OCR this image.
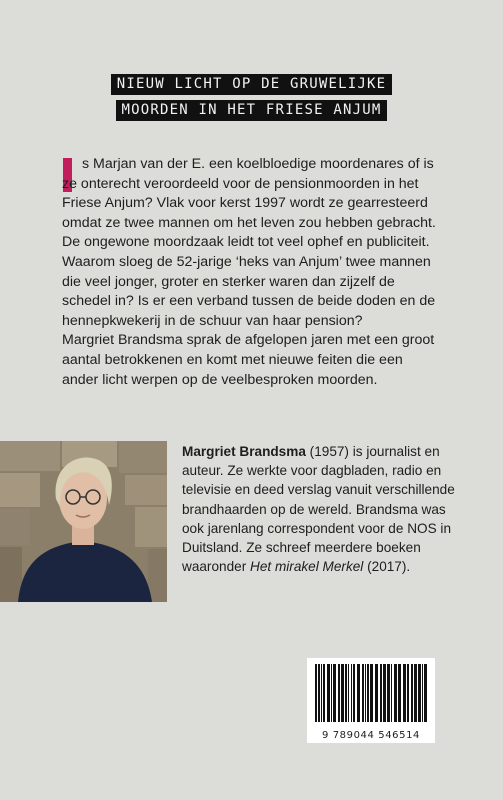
NIEUW LICHT OP DE GRUWELIJKE
MOORDEN IN HET FRIESE ANJUM

s Marjan van der E. een koelbloedige moordenares of is ze onterecht veroordeeld voor de pensionmoorden in het Friese Anjum? Vlak voor kerst 1997 wordt ze gearresteerd omdat ze twee mannen om het leven zou hebben gebracht. De ongewone moordzaak leidt tot veel ophef en publiciteit. Waarom sloeg de 52-jarige ‘heks van Anjum’ twee mannen die veel jonger, groter en sterker waren dan zijzelf de schedel in? Is er een verband tussen de beide doden en de hennepkwekerij in de schuur van haar pension?

Margriet Brandsma sprak de afgelopen jaren met een groot aantal betrokkenen en komt met nieuwe feiten die een ander licht werpen op de veelbesproken moorden.

Margriet Brandsma (1957) is journalist en auteur. Ze werkte voor dagbladen, radio en televisie en deed verslag vanuit verschillende brandhaarden op de wereld. Brandsma was ook jarenlang correspondent voor de NOS in Duitsland. Ze schreef meerdere boeken waaronder Het mirakel Merkel (2017).
9 789044 546514
